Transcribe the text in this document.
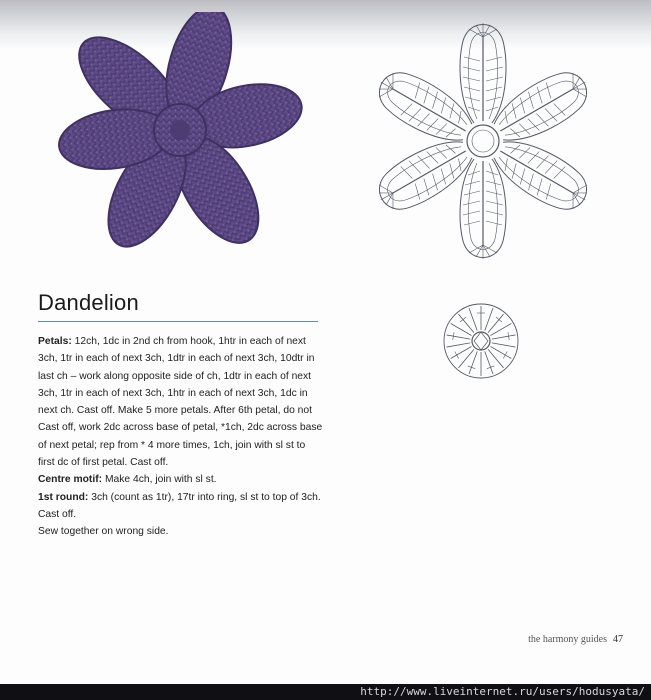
Dandelion

Petals: 12ch, 1dc in 2nd ch from hook, 1htr in each of next 3ch, 1tr in each of next 3ch, 1dtr in each of next 3ch, 10dtr in last ch – work along opposite side of ch, 1dtr in each of next 3ch, 1tr in each of next 3ch, 1htr in each of next 3ch, 1dc in next ch. Cast off. Make 5 more petals. After 6th petal, do not Cast off, work 2dc across base of petal, *1ch, 2dc across base of next petal; rep from * 4 more times, 1ch, join with sl st to first dc of first petal. Cast off.

Centre motif: Make 4ch, join with sl st.

1st round: 3ch (count as 1tr), 17tr into ring, sl st to top of 3ch. Cast off.

Sew together on wrong side.

the harmony guides 47
http://www.liveinternet.ru/users/hodusyata/
